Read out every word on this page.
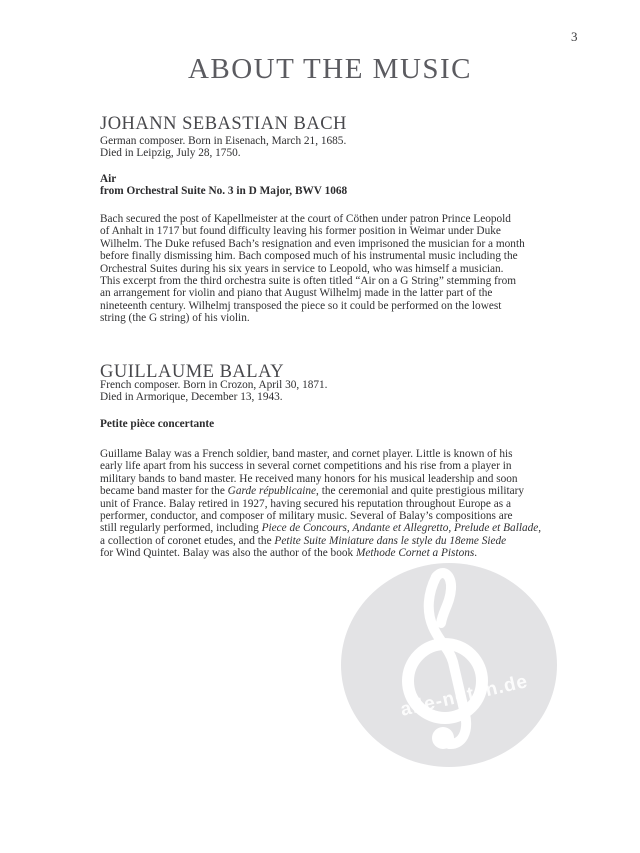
3
ABOUT THE MUSIC
JOHANN SEBASTIAN BACH
German composer. Born in Eisenach, March 21, 1685.
Died in Leipzig, July 28, 1750.
Air
from Orchestral Suite No. 3 in D Major, BWV 1068
Bach secured the post of Kapellmeister at the court of Cöthen under patron Prince Leopold
of Anhalt in 1717 but found difficulty leaving his former position in Weimar under Duke
Wilhelm. The Duke refused Bach’s resignation and even imprisoned the musician for a month
before finally dismissing him. Bach composed much of his instrumental music including the
Orchestral Suites during his six years in service to Leopold, who was himself a musician.
This excerpt from the third orchestra suite is often titled “Air on a G String” stemming from
an arrangement for violin and piano that August Wilhelmj made in the latter part of the
nineteenth century. Wilhelmj transposed the piece so it could be performed on the lowest
string (the G string) of his violin.
GUILLAUME BALAY
French composer. Born in Crozon, April 30, 1871.
Died in Armorique, December 13, 1943.
Petite pièce concertante
Guillame Balay was a French soldier, band master, and cornet player. Little is known of his
early life apart from his success in several cornet competitions and his rise from a player in
military bands to band master. He received many honors for his musical leadership and soon
became band master for the Garde républicaine, the ceremonial and quite prestigious military
unit of France. Balay retired in 1927, having secured his reputation throughout Europe as a
performer, conductor, and composer of military music. Several of Balay’s compositions are
still regularly performed, including Piece de Concours, Andante et Allegretto, Prelude et Ballade,
a collection of coronet etudes, and the Petite Suite Miniature dans le style du 18eme Siede
for Wind Quintet. Balay was also the author of the book Methode Cornet a Pistons.
alle-noten.de
